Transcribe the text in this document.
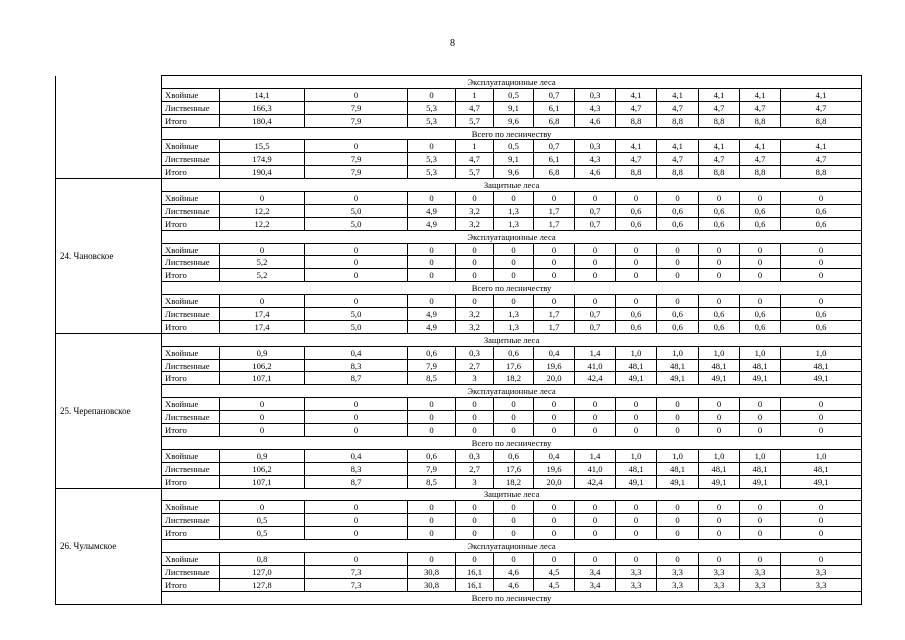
8
	Эксплуатационные леса													
	Хвойные	14,1	0	0	1	0,5	0,7	0,3	4,1	4,1	4,1	4,1	4,1	
	Лиственные	166,3	7,9	5,3	4,7	9,1	6,1	4,3	4,7	4,7	4,7	4,7	4,7	
	Итого	180,4	7,9	5,3	5,7	9,6	6,8	4,6	8,8	8,8	8,8	8,8	8,8	
	Всего по лесничеству													
	Хвойные	15,5	0	0	1	0,5	0,7	0,3	4,1	4,1	4,1	4,1	4,1	
	Лиственные	174,9	7,9	5,3	4,7	9,1	6,1	4,3	4,7	4,7	4,7	4,7	4,7	
	Итого	190,4	7,9	5,3	5,7	9,6	6,8	4,6	8,8	8,8	8,8	8,8	8,8	
24. Чановское	Защитные леса													
	Хвойные	0	0	0	0	0	0	0	0	0	0	0	0	
	Лиственные	12,2	5,0	4,9	3,2	1,3	1,7	0,7	0,6	0,6	0,6	0,6	0,6	
	Итого	12,2	5,0	4,9	3,2	1,3	1,7	0,7	0,6	0,6	0,6	0,6	0,6	
	Эксплуатационные леса													
	Хвойные	0	0	0	0	0	0	0	0	0	0	0	0	
	Лиственные	5,2	0	0	0	0	0	0	0	0	0	0	0	
	Итого	5,2	0	0	0	0	0	0	0	0	0	0	0	
	Всего по лесничеству													
	Хвойные	0	0	0	0	0	0	0	0	0	0	0	0	
	Лиственные	17,4	5,0	4,9	3,2	1,3	1,7	0,7	0,6	0,6	0,6	0,6	0,6	
	Итого	17,4	5,0	4,9	3,2	1,3	1,7	0,7	0,6	0,6	0,6	0,6	0,6	
25. Черепановское	Защитные леса													
	Хвойные	0,9	0,4	0,6	0,3	0,6	0,4	1,4	1,0	1,0	1,0	1,0	1,0	
	Лиственные	106,2	8,3	7,9	2,7	17,6	19,6	41,0	48,1	48,1	48,1	48,1	48,1	
	Итого	107,1	8,7	8,5	3	18,2	20,0	42,4	49,1	49,1	49,1	49,1	49,1	
	Эксплуатационные леса													
	Хвойные	0	0	0	0	0	0	0	0	0	0	0	0	
	Лиственные	0	0	0	0	0	0	0	0	0	0	0	0	
	Итого	0	0	0	0	0	0	0	0	0	0	0	0	
	Всего по лесничеству													
	Хвойные	0,9	0,4	0,6	0,3	0,6	0,4	1,4	1,0	1,0	1,0	1,0	1,0	
	Лиственные	106,2	8,3	7,9	2,7	17,6	19,6	41,0	48,1	48,1	48,1	48,1	48,1	
	Итого	107,1	8,7	8,5	3	18,2	20,0	42,4	49,1	49,1	49,1	49,1	49,1	
26. Чулымское	Защитные леса													
	Хвойные	0	0	0	0	0	0	0	0	0	0	0	0	
	Лиственные	0,5	0	0	0	0	0	0	0	0	0	0	0	
	Итого	0,5	0	0	0	0	0	0	0	0	0	0	0	
	Эксплуатационные леса													
	Хвойные	0,8	0	0	0	0	0	0	0	0	0	0	0	
	Лиственные	127,0	7,3	30,8	16,1	4,6	4,5	3,4	3,3	3,3	3,3	3,3	3,3	
	Итого	127,8	7,3	30,8	16,1	4,6	4,5	3,4	3,3	3,3	3,3	3,3	3,3	
	Всего по лесничеству													
